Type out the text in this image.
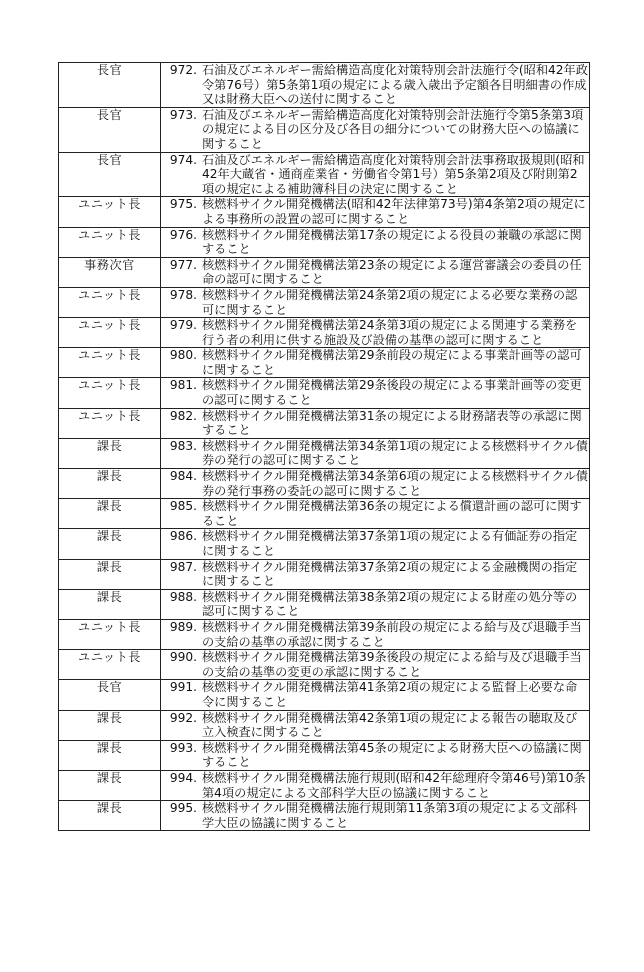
長官	972. 石油及びエネルギー需給構造高度化対策特別会計法施行令(昭和42年政令第76号）第5条第1項の規定による歳入歳出予定額各目明細書の作成又は財務大臣への送付に関すること

長官	973. 石油及びエネルギー需給構造高度化対策特別会計法施行令第5条第3項の規定による目の区分及び各目の細分についての財務大臣への協議に関すること

長官	974. 石油及びエネルギー需給構造高度化対策特別会計法事務取扱規則(昭和42年大蔵省・通商産業省・労働省令第1号）第5条第2項及び附則第2項の規定による補助簿科目の決定に関すること

ユニット長	975. 核燃料サイクル開発機構法(昭和42年法律第73号)第4条第2項の規定による事務所の設置の認可に関すること

ユニット長	976. 核燃料サイクル開発機構法第17条の規定による役員の兼職の承認に関すること

事務次官	977. 核燃料サイクル開発機構法第23条の規定による運営審議会の委員の任命の認可に関すること

ユニット長	978. 核燃料サイクル開発機構法第24条第2項の規定による必要な業務の認可に関すること

ユニット長	979. 核燃料サイクル開発機構法第24条第3項の規定による関連する業務を行う者の利用に供する施設及び設備の基準の認可に関すること

ユニット長	980. 核燃料サイクル開発機構法第29条前段の規定による事業計画等の認可に関すること

ユニット長	981. 核燃料サイクル開発機構法第29条後段の規定による事業計画等の変更の認可に関すること

ユニット長	982. 核燃料サイクル開発機構法第31条の規定による財務諸表等の承認に関すること

課長	983. 核燃料サイクル開発機構法第34条第1項の規定による核燃料サイクル債券の発行の認可に関すること

課長	984. 核燃料サイクル開発機構法第34条第6項の規定による核燃料サイクル債券の発行事務の委託の認可に関すること

課長	985. 核燃料サイクル開発機構法第36条の規定による償還計画の認可に関すること

課長	986. 核燃料サイクル開発機構法第37条第1項の規定による有価証券の指定に関すること

課長	987. 核燃料サイクル開発機構法第37条第2項の規定による金融機関の指定に関すること

課長	988. 核燃料サイクル開発機構法第38条第2項の規定による財産の処分等の認可に関すること

ユニット長	989. 核燃料サイクル開発機構法第39条前段の規定による給与及び退職手当の支給の基準の承認に関すること

ユニット長	990. 核燃料サイクル開発機構法第39条後段の規定による給与及び退職手当の支給の基準の変更の承認に関すること

長官	991. 核燃料サイクル開発機構法第41条第2項の規定による監督上必要な命令に関すること

課長	992. 核燃料サイクル開発機構法第42条第1項の規定による報告の聴取及び立入検査に関すること

課長	993. 核燃料サイクル開発機構法第45条の規定による財務大臣への協議に関すること

課長	994. 核燃料サイクル開発機構法施行規則(昭和42年総理府令第46号)第10条第4項の規定による文部科学大臣の協議に関すること

課長	995. 核燃料サイクル開発機構法施行規則第11条第3項の規定による文部科学大臣の協議に関すること
